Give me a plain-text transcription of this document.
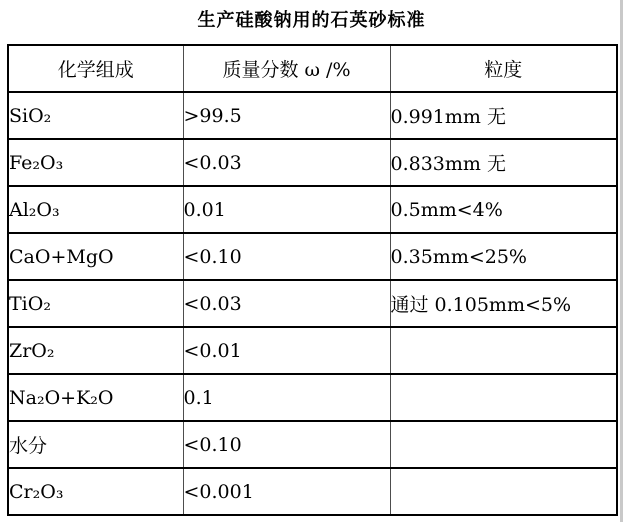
生产硅酸钠用的石英砂标准
化学组成	质量分数 ω /%	粒度
SiO₂	>99.5	0.991mm 无
Fe₂O₃	<0.03	0.833mm 无
Al₂O₃	0.01	0.5mm<4%
CaO+MgO	<0.10	0.35mm<25%
TiO₂	<0.03	通过 0.105mm<5%
ZrO₂	<0.01	
Na₂O+K₂O	0.1	
水分	<0.10	
Cr₂O₃	<0.001	
